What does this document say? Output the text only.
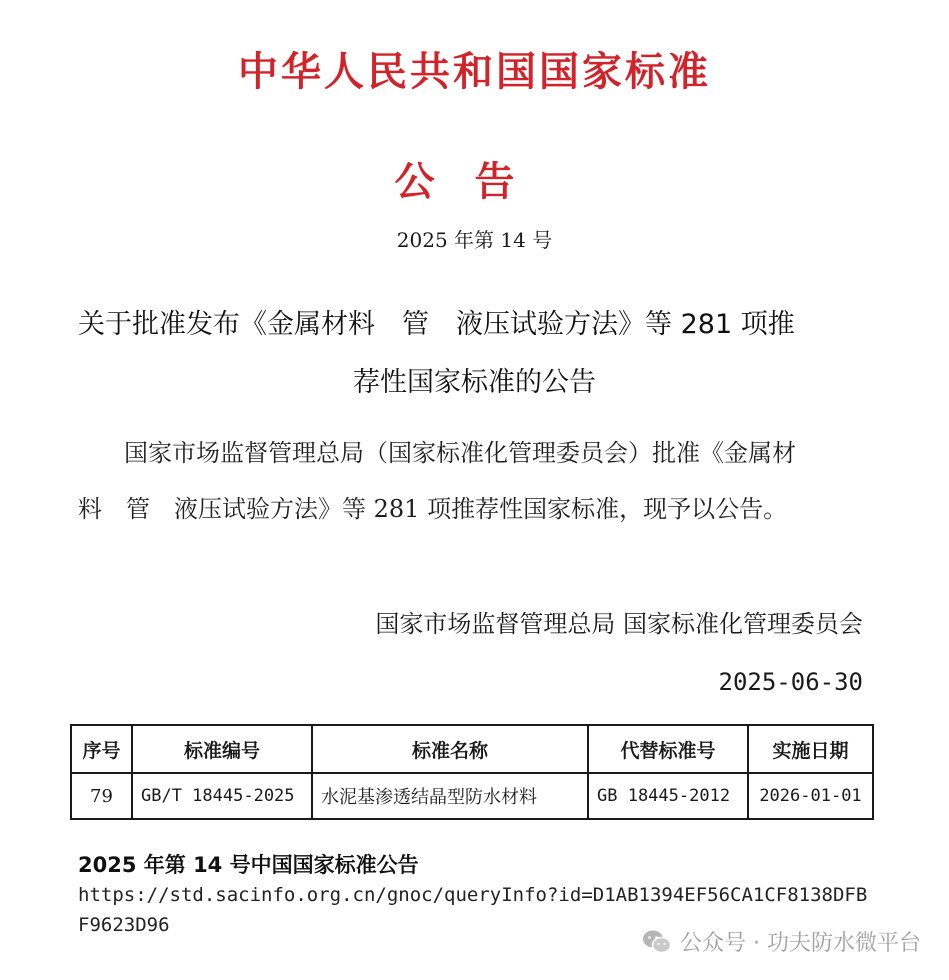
中华人民共和国国家标准
公告
2025 年第 14 号
关于批准发布《金属材料　管　液压试验方法》等 281 项推
荐性国家标准的公告
国家市场监督管理总局（国家标准化管理委员会）批准《金属材
料　管　液压试验方法》等 281 项推荐性国家标准，现予以公告。
国家市场监督管理总局 国家标准化管理委员会
2025-06-30
序号	标准编号	标准名称	代替标准号	实施日期
79	GB/T 18445-2025	水泥基渗透结晶型防水材料	GB 18445-2012	2026-01-01
2025 年第 14 号中国国家标准公告
https://std.sacinfo.org.cn/gnoc/queryInfo?id=D1AB1394EF56CA1CF8138DFBF9623D96
公众号 · 功夫防水微平台
